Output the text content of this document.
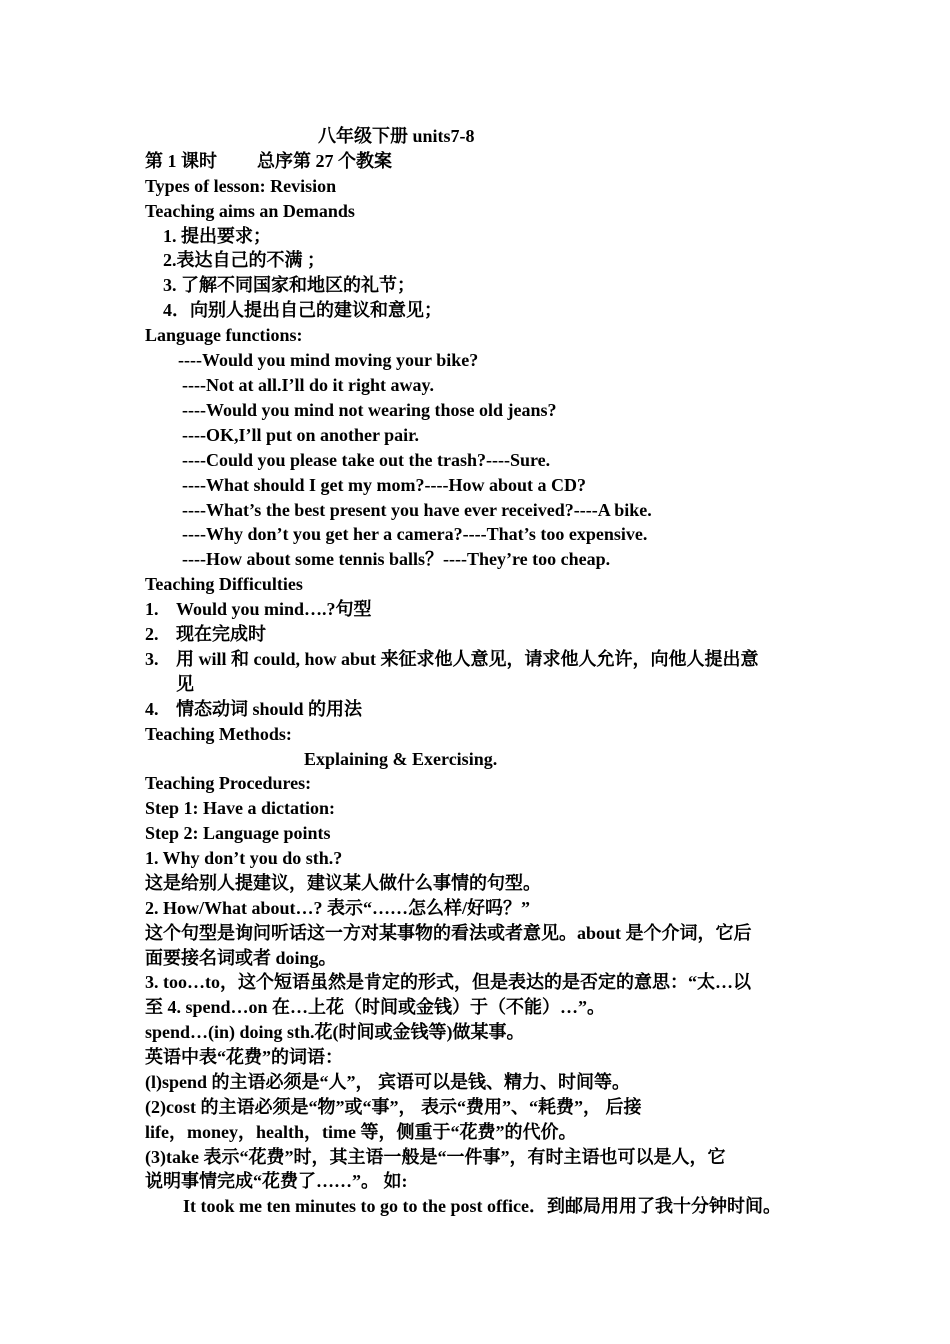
八年级下册 units7-8
第 1 课时 总序第 27 个教案
Types of lesson: Revision
Teaching aims an Demands
1. 提出要求；
2.表达自己的不满 ；
3. 了解不同国家和地区的礼节；
4．向别人提出自己的建议和意见；
Language functions:
----Would you mind moving your bike?
----Not at all.I’ll do it right away.
----Would you mind not wearing those old jeans?
----OK,I’ll put on another pair.
----Could you please take out the trash?----Sure.
----What should I get my mom?----How about a CD?
----What’s the best present you have ever received?----A bike.
----Why don’t you get her a camera?----That’s too expensive.
----How about some tennis balls？----They’re too cheap.
Teaching Difficulties
1. Would you mind….?句型
2. 现在完成时
3. 用 will 和 could, how abut 来征求他人意见，请求他人允许，向他人提出意
见
4. 情态动词 should 的用法
Teaching Methods:
Explaining & Exercising.
Teaching Procedures:
Step 1: Have a dictation:
Step 2: Language points
1. Why don’t you do sth.?
这是给别人提建议，建议某人做什么事情的句型。
2. How/What about…? 表示“……怎么样/好吗？”
这个句型是询问听话这一方对某事物的看法或者意见。about 是个介词，它后
面要接名词或者 doing。
3. too…to，这个短语虽然是肯定的形式，但是表达的是否定的意思：“太…以
至 4. spend…on 在…上花（时间或金钱）于（不能）…”。
spend…(in) doing sth.花(时间或金钱等)做某事。
英语中表“花费”的词语：
(l)spend 的主语必须是“人”， 宾语可以是钱、精力、时间等。
(2)cost 的主语必须是“物”或“事”， 表示“费用”、“耗费”， 后接
life，money，health，time 等，侧重于“花费”的代价。
(3)take 表示“花费”时，其主语一般是“一件事”，有时主语也可以是人，它
说明事情完成“花费了……”。 如:
It took me ten minutes to go to the post office．到邮局用用了我十分钟时间。
